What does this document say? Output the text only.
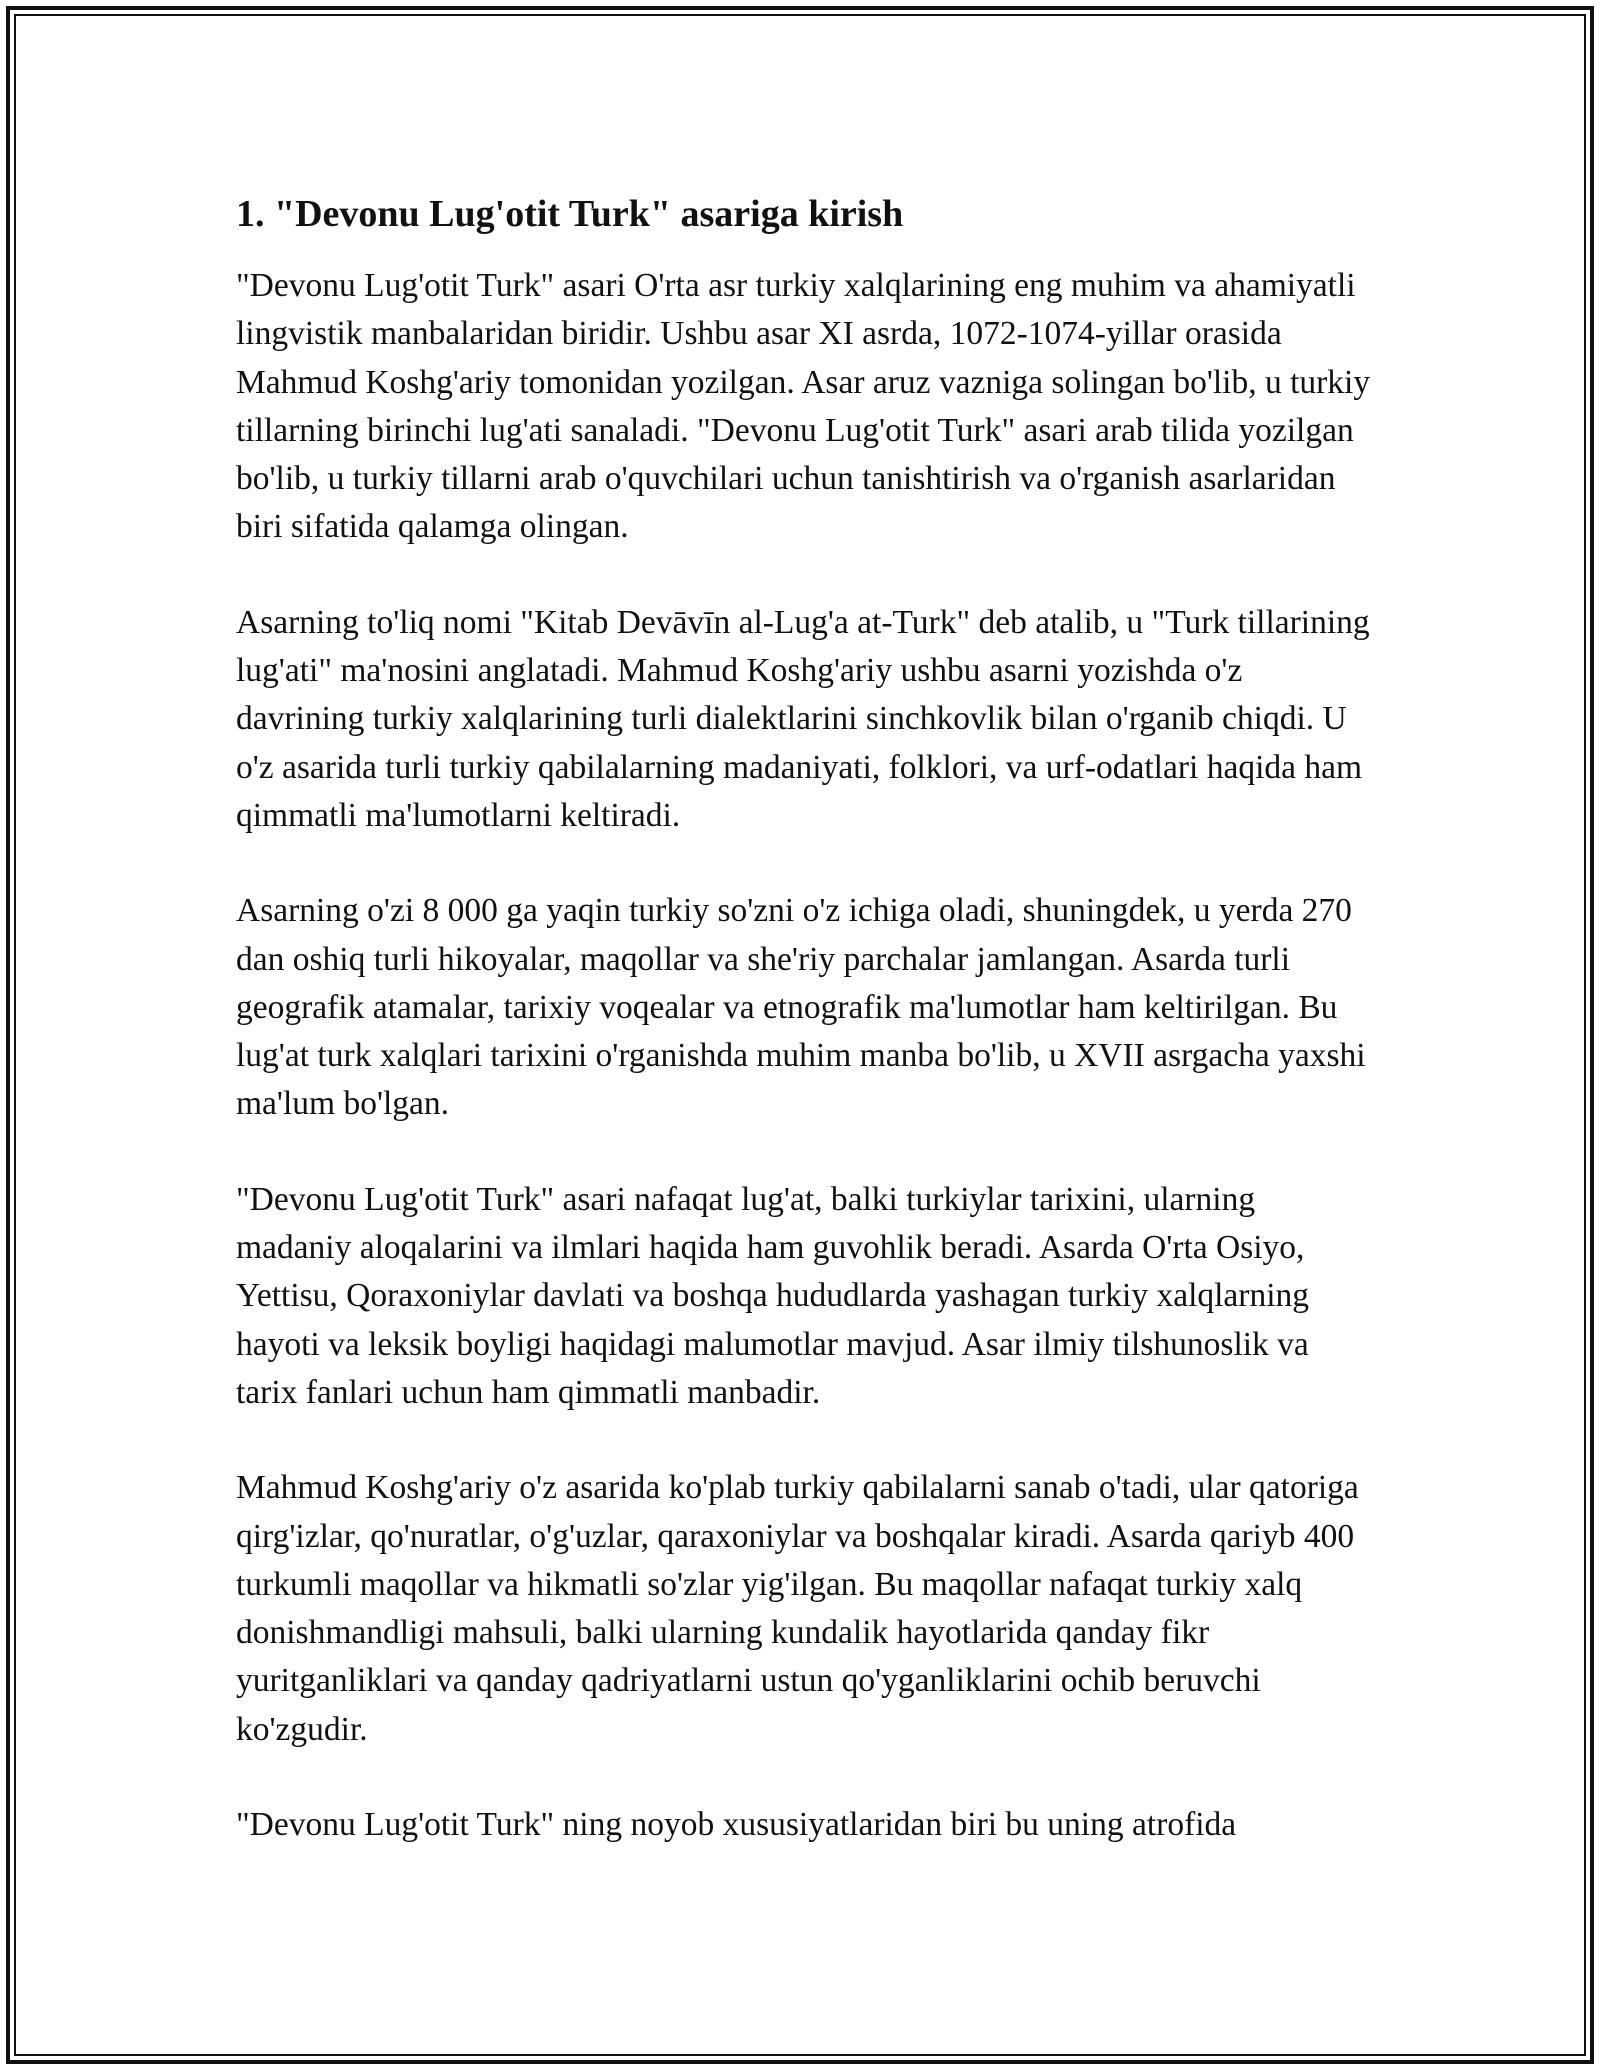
1. "Devonu Lug'otit Turk" asariga kirish

"Devonu Lug'otit Turk" asari O'rta asr turkiy xalqlarining eng muhim va ahamiyatli lingvistik manbalaridan biridir. Ushbu asar XI asrda, 1072-1074-yillar orasida Mahmud Koshg'ariy tomonidan yozilgan. Asar aruz vazniga solingan bo'lib, u turkiy tillarning birinchi lug'ati sanaladi. "Devonu Lug'otit Turk" asari arab tilida yozilgan bo'lib, u turkiy tillarni arab o'quvchilari uchun tanishtirish va o'rganish asarlaridan biri sifatida qalamga olingan.

Asarning to'liq nomi "Kitab Devāvīn al-Lug'a at-Turk" deb atalib, u "Turk tillarining lug'ati" ma'nosini anglatadi. Mahmud Koshg'ariy ushbu asarni yozishda o'z davrining turkiy xalqlarining turli dialektlarini sinchkovlik bilan o'rganib chiqdi. U o'z asarida turli turkiy qabilalarning madaniyati, folklori, va urf-odatlari haqida ham qimmatli ma'lumotlarni keltiradi.

Asarning o'zi 8 000 ga yaqin turkiy so'zni o'z ichiga oladi, shuningdek, u yerda 270 dan oshiq turli hikoyalar, maqollar va she'riy parchalar jamlangan. Asarda turli geografik atamalar, tarixiy voqealar va etnografik ma'lumotlar ham keltirilgan. Bu lug'at turk xalqlari tarixini o'rganishda muhim manba bo'lib, u XVII asrgacha yaxshi ma'lum bo'lgan.

"Devonu Lug'otit Turk" asari nafaqat lug'at, balki turkiylar tarixini, ularning madaniy aloqalarini va ilmlari haqida ham guvohlik beradi. Asarda O'rta Osiyo, Yettisu, Qoraxoniylar davlati va boshqa hududlarda yashagan turkiy xalqlarning hayoti va leksik boyligi haqidagi malumotlar mavjud. Asar ilmiy tilshunoslik va tarix fanlari uchun ham qimmatli manbadir.

Mahmud Koshg'ariy o'z asarida ko'plab turkiy qabilalarni sanab o'tadi, ular qatoriga qirg'izlar, qo'nuratlar, o'g'uzlar, qaraxoniylar va boshqalar kiradi. Asarda qariyb 400 turkumli maqollar va hikmatli so'zlar yig'ilgan. Bu maqollar nafaqat turkiy xalq donishmandligi mahsuli, balki ularning kundalik hayotlarida qanday fikr yuritganliklari va qanday qadriyatlarni ustun qo'yganliklarini ochib beruvchi ko'zgudir.

"Devonu Lug'otit Turk" ning noyob xususiyatlaridan biri bu uning atrofida
